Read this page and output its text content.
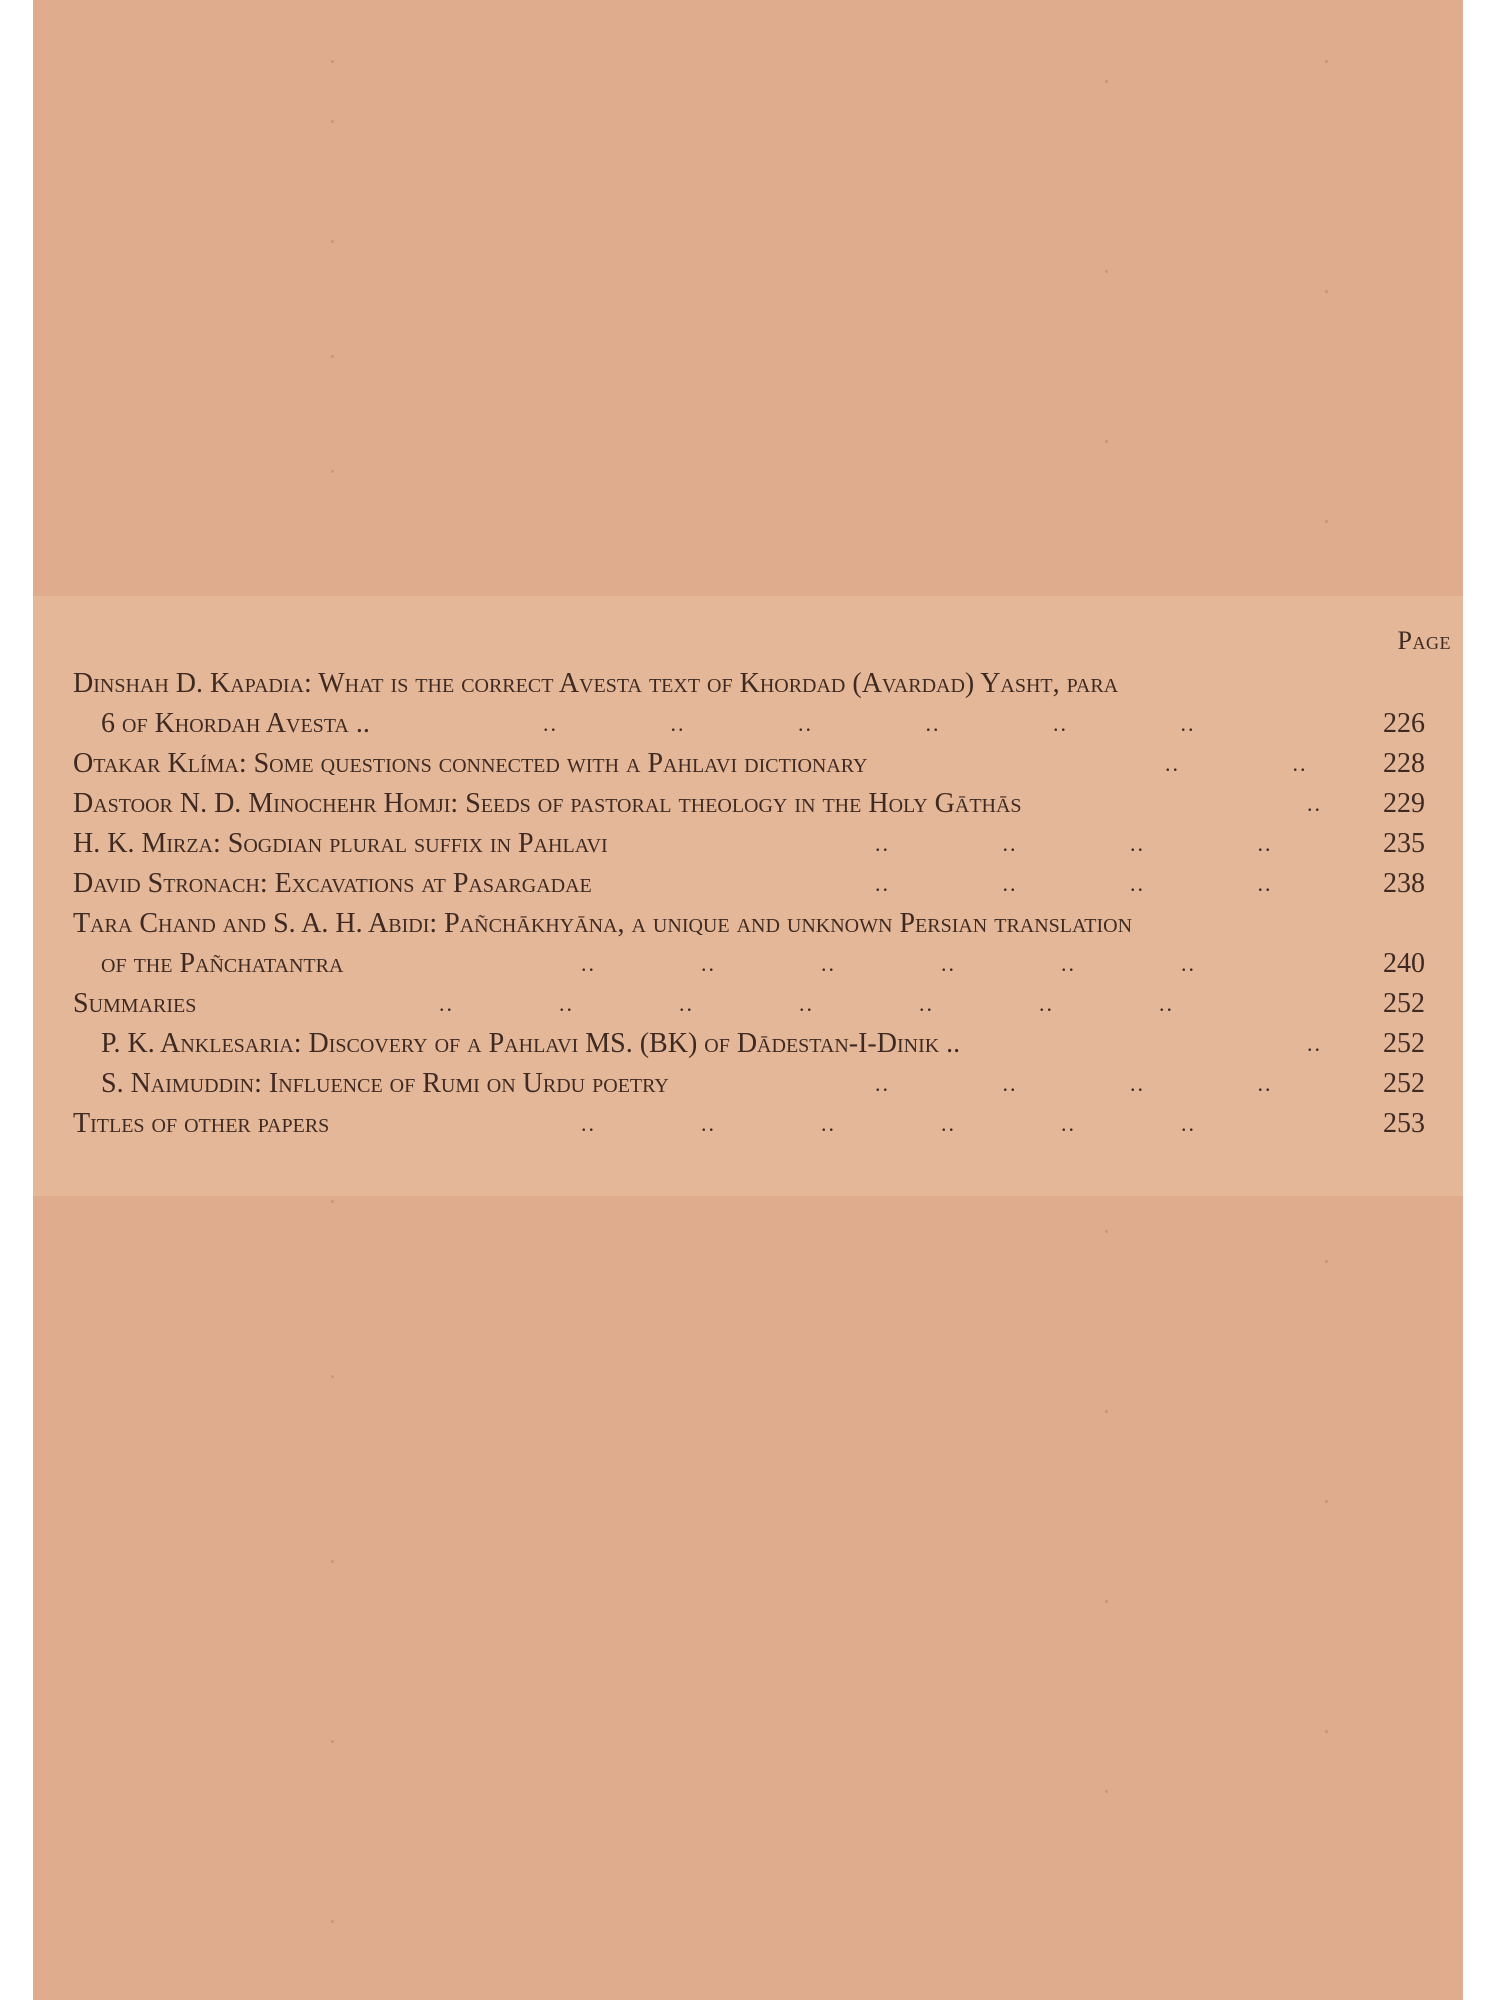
Page
Dinshah D. Kapadia: What is the correct Avesta text of Khordad (Avardad) Yasht, para
6 of Khordah Avesta ..	..               ..               ..               ..               ..               ..	226
Otakar Klíma: Some questions connected with a Pahlavi dictionary	..               ..	228
Dastoor N. D. Minochehr Homji: Seeds of pastoral theology in the Holy Gāthās	.. 229
H. K. Mirza: Sogdian plural suffix in Pahlavi	..               ..               ..               ..	235
David Stronach: Excavations at Pasargadae	..               ..               ..               ..	238
Tara Chand and S. A. H. Abidi: Pañchākhyāna, a unique and unknown Persian translation
of the Pañchatantra	..              ..              ..              ..              ..              ..	240
Summaries	..              ..              ..              ..              ..              ..              ..	252
P. K. Anklesaria: Discovery of a Pahlavi MS. (BK) of Dādestan-I-Dinik ..	.. 252
S. Naimuddin: Influence of Rumi on Urdu poetry	..               ..               ..               ..	252
Titles of other papers	..              ..              ..              ..              ..              ..	253
